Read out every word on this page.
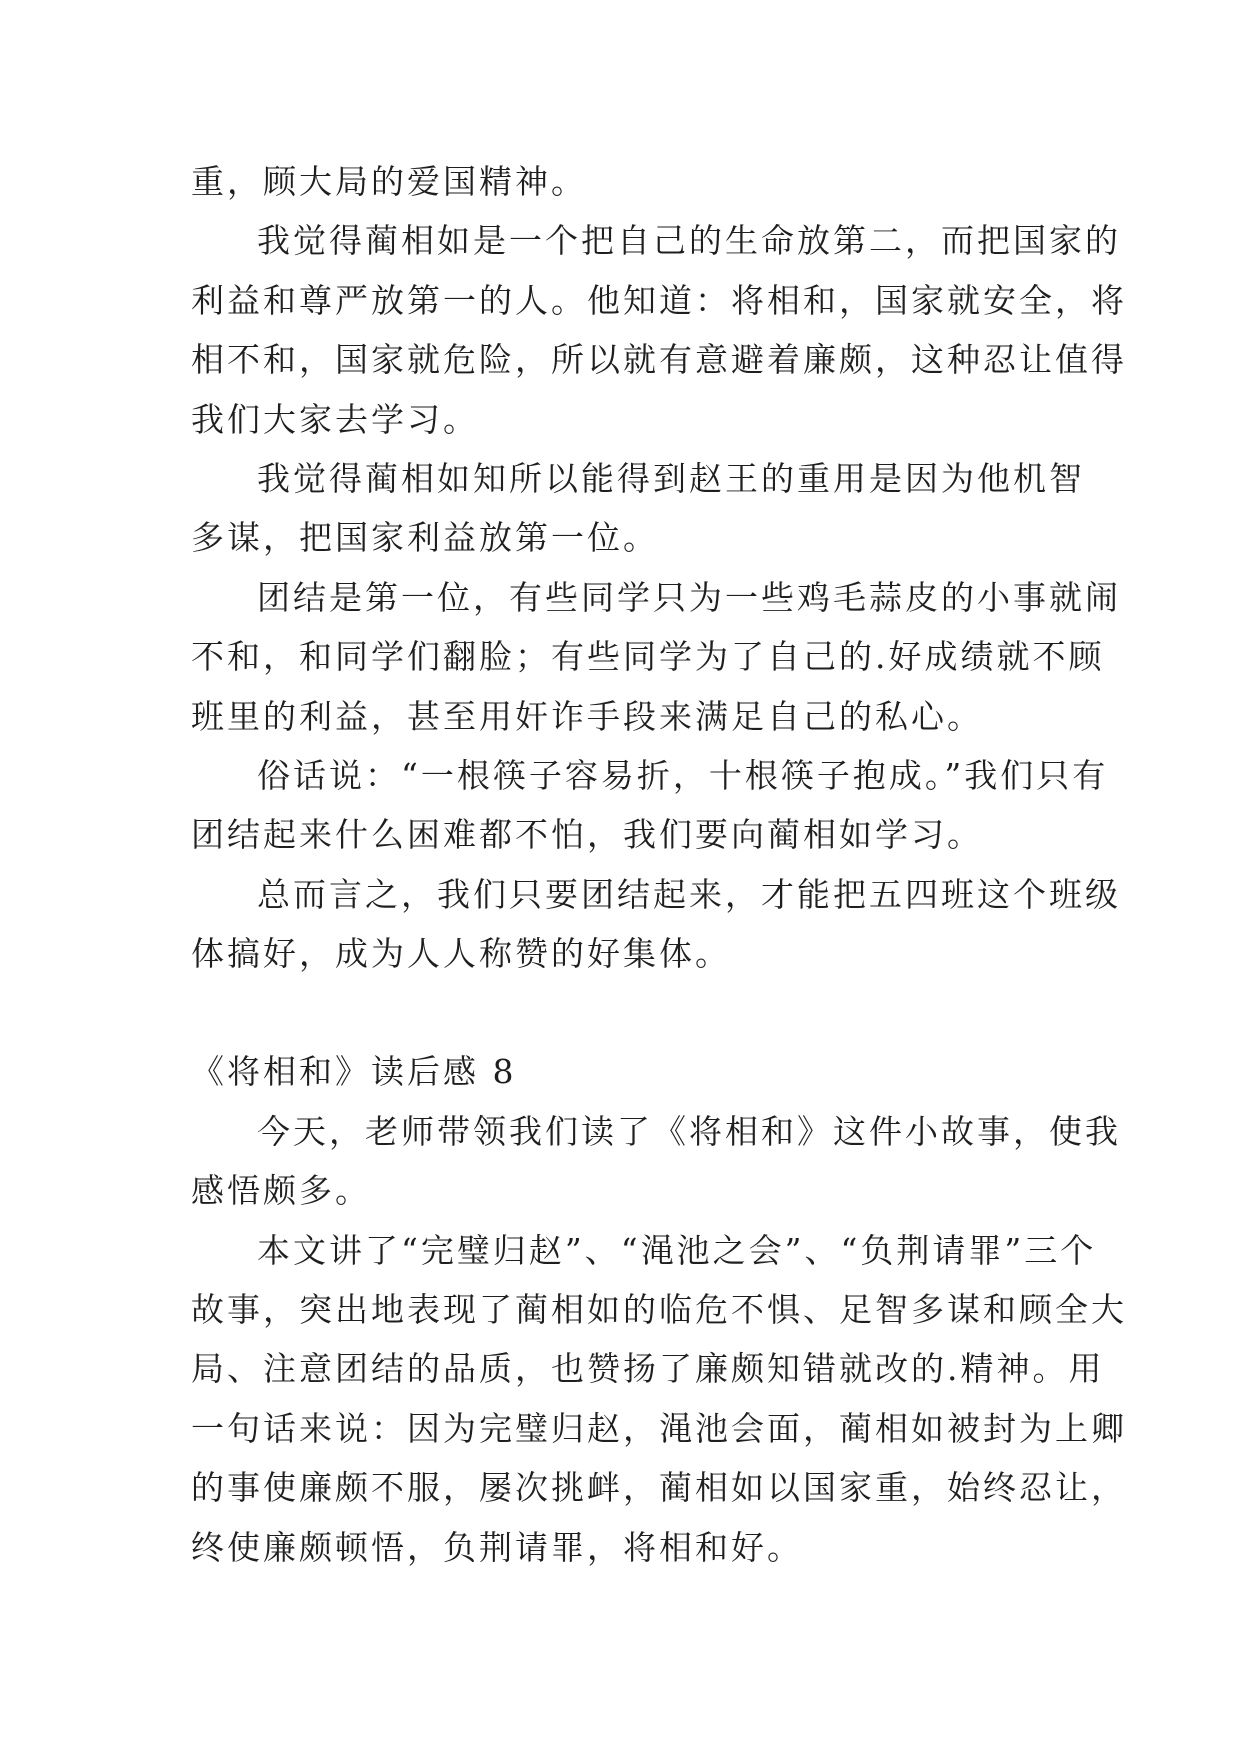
重，顾大局的爱国精神。
我觉得蔺相如是一个把自己的生命放第二，而把国家的
利益和尊严放第一的人。他知道：将相和，国家就安全，将
相不和，国家就危险，所以就有意避着廉颇，这种忍让值得
我们大家去学习。
我觉得蔺相如知所以能得到赵王的重用是因为他机智
多谋，把国家利益放第一位。
团结是第一位，有些同学只为一些鸡毛蒜皮的小事就闹
不和，和同学们翻脸；有些同学为了自己的.好成绩就不顾
班里的利益，甚至用奸诈手段来满足自己的私心。
俗话说：“一根筷子容易折，十根筷子抱成。”我们只有
团结起来什么困难都不怕，我们要向蔺相如学习。
总而言之，我们只要团结起来，才能把五四班这个班级
体搞好，成为人人称赞的好集体。
《将相和》读后感 8
今天，老师带领我们读了《将相和》这件小故事，使我
感悟颇多。
本文讲了“完璧归赵”、“渑池之会”、“负荆请罪”三个
故事，突出地表现了蔺相如的临危不惧、足智多谋和顾全大
局、注意团结的品质，也赞扬了廉颇知错就改的.精神。用
一句话来说：因为完璧归赵，渑池会面，蔺相如被封为上卿
的事使廉颇不服，屡次挑衅，蔺相如以国家重，始终忍让，
终使廉颇顿悟，负荆请罪，将相和好。
